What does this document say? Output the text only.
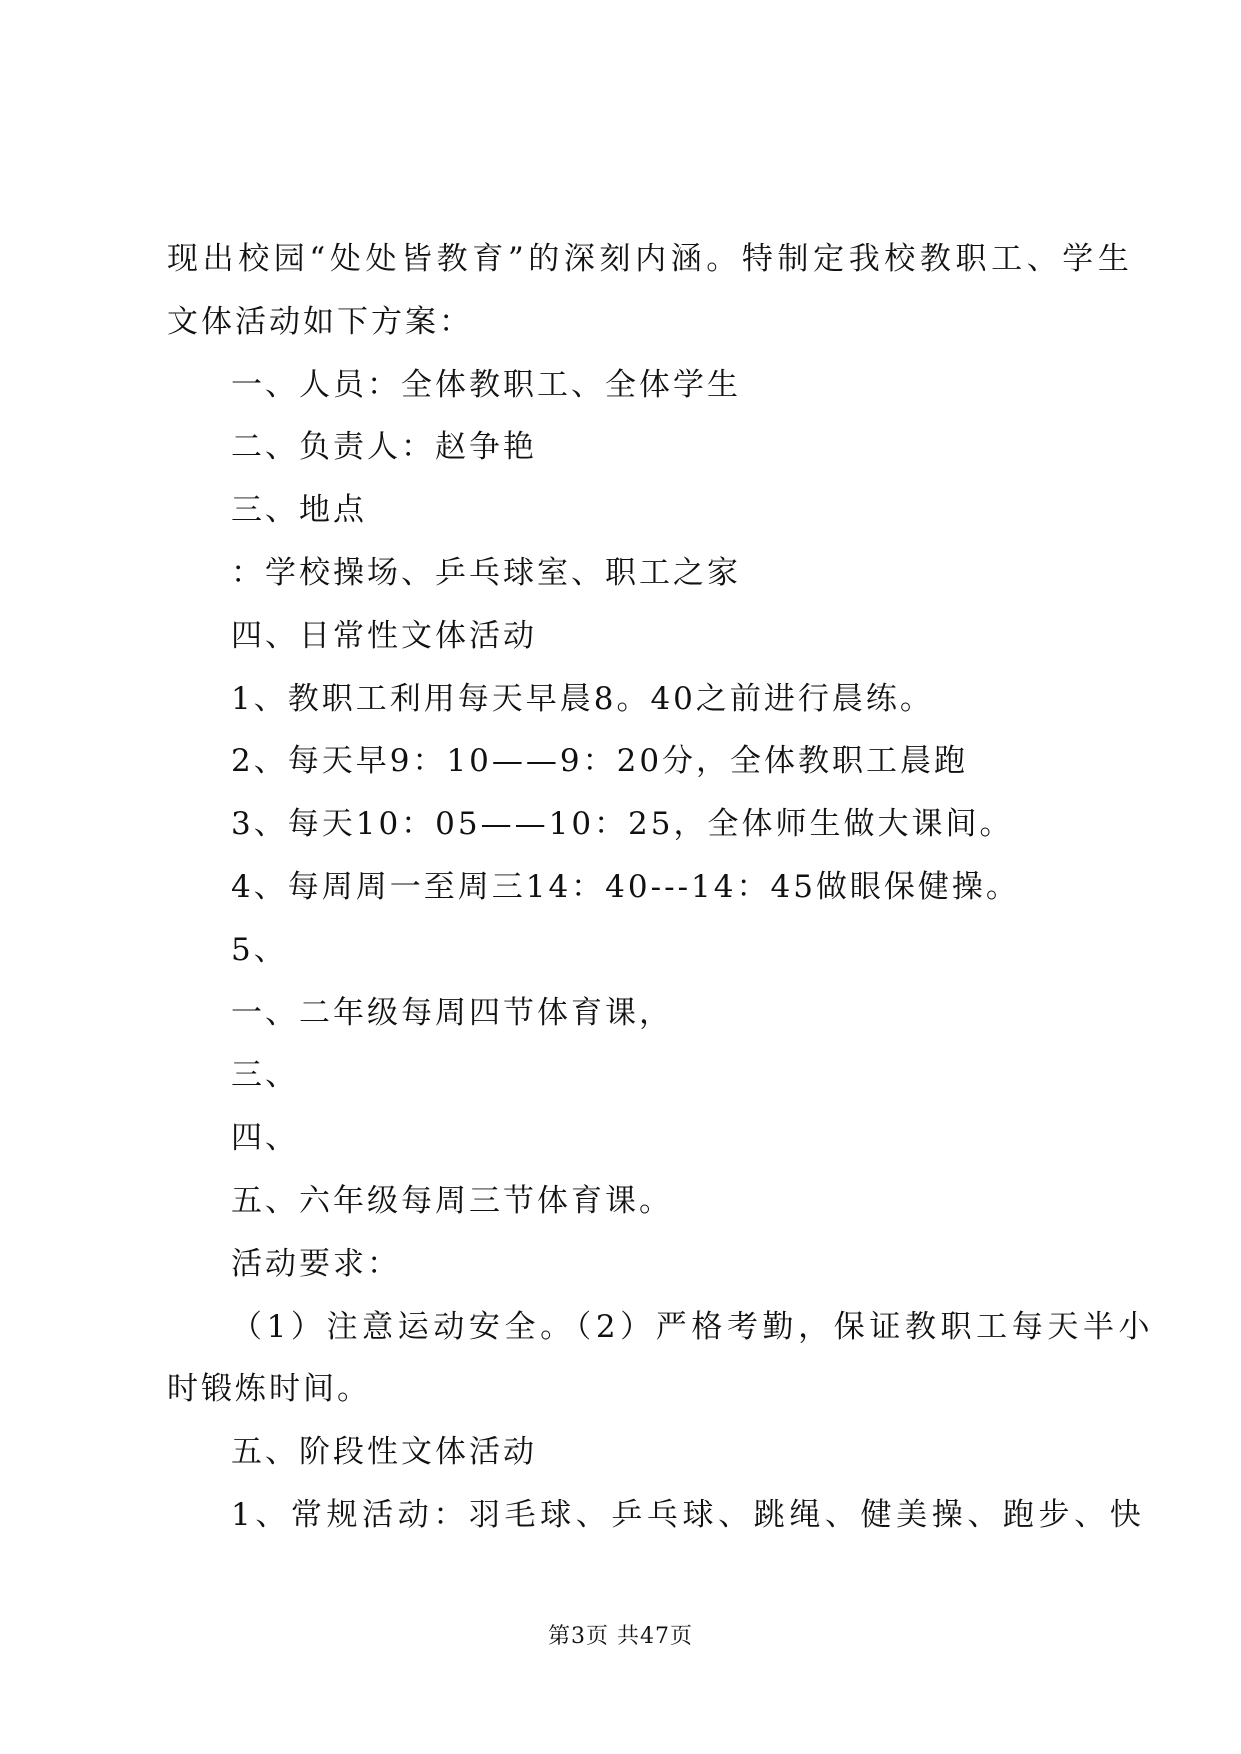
现出校园“处处皆教育”的深刻内涵。特制定我校教职工、学生
文体活动如下方案：
一、人员：全体教职工、全体学生
二、负责人：赵争艳
三、地点
：学校操场、乒乓球室、职工之家
四、日常性文体活动
1、教职工利用每天早晨8。40之前进行晨练。
2、每天早9：10——9：20分，全体教职工晨跑
3、每天10：05——10：25，全体师生做大课间。
4、每周周一至周三14：40---14：45做眼保健操。
5、
一、二年级每周四节体育课，
三、
四、
五、六年级每周三节体育课。
活动要求：
（1）注意运动安全。（2）严格考勤，保证教职工每天半小
时锻炼时间。
五、阶段性文体活动
1、常规活动：羽毛球、乒乓球、跳绳、健美操、跑步、快
第3页 共47页
